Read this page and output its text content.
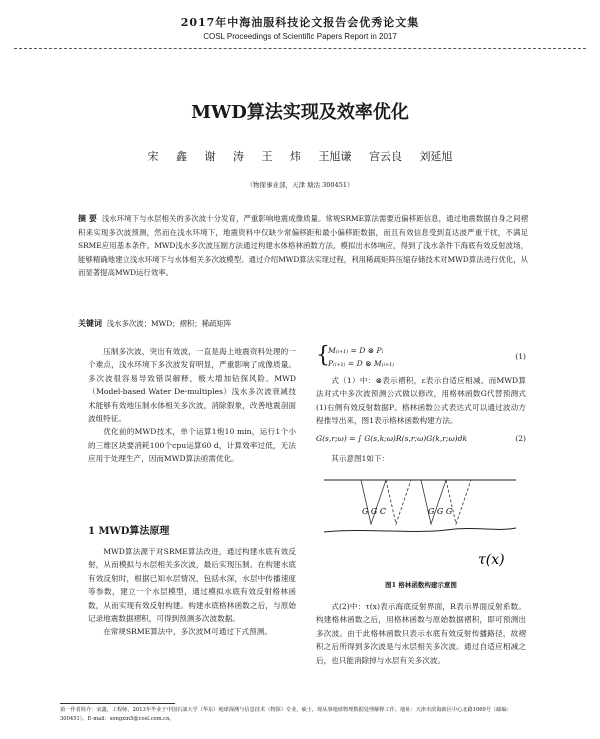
2017年中海油服科技论文报告会优秀论文集
COSL Proceedings of Scientific Papers Report in 2017
MWD算法实现及效率优化
宋 鑫 谢 涛 王 炜 王旭谦 宫云良 刘延旭
（物探事业部，天津 塘沽 300451）
摘 要 浅水环境下与水层相关的多次波十分发育，严重影响地震成像质量。常规SRME算法需要近偏移距信息，通过地震数据自身之间褶积来实现多次波预测，然而在浅水环境下，地震资料中仅缺少常偏移距和最小偏移距数据，而且有效信息受到直达波严重干扰，不满足SRME应用基本条件。MWD浅水多次波压制方法通过构建水体格林函数方法，模拟出水体响应，得到了浅水条件下海底有效反射波场，能够精确地建立浅水环境下与水体相关多次波模型。通过介绍MWD算法实现过程，利用稀疏矩阵压缩存储技术对MWD算法进行优化，从而显著提高MWD运行效率。
关键词 浅水多次波；MWD；褶积；稀疏矩阵

压制多次波，突出有效波，一直是海上地震资料处理的一个难点，浅水环境下多次波发育明显，严重影响了成像质量。多次波很容易导致错误解释，极大增加钻探风险。MWD（Model-based Water De-multiples）浅水多次波衰减技术能够有效地压制水体相关多次波，消除假象，改善地震剖面波组特征。

优化前的MWD技术，单个运算1炮10 min，运行1个小的三维区块要消耗100个cpu运算60 d，计算效率过低，无法应用于处理生产，因而MWD算法亟需优化。

1 MWD算法原理

MWD算法源于对SRME算法改进，通过构建水底有效反射，从而模拟与水层相关多次波，最后实现压制。在构建水底有效反射时，根据已知水层情况，包括水深，水层中传播速度等参数，建立一个水层模型，通过模拟水底有效反射格林函数，从而实现有效反射构建。构建水底格林函数之后，与原始记录地震数据褶积，可得到预测多次波数据。

在常规SRME算法中，多次波M可通过下式预测。

{
M₍ᵢ₊₁₎ = D ⊗ Pᵢ
P₍ᵢ₊₁₎ = D ⊗ M₍ᵢ₊₁₎
(1)

式（1）中：⊗表示褶积，ε表示自适应相减。而MWD算法对式中多次波预测公式做以修改，用格林函数G代替预测式(1)右侧有效反射数据P。格林函数公式表达式可以通过波动方程推导出来，图1表示格林函数构建方法。

G(s,r;ω) = ∫ G(s,k;ω)R(s,r;ω)G(k,r;ω)dk	(2)

其示意图1如下：

G G C	G G G
τ(x)
图1 格林函数构建示意图

式(2)中：τ(x)表示海底反射界面，R表示界面反射系数。构建格林函数之后，用格林函数与原始数据褶积，即可预测出多次波。由于此格林函数只表示水底有效反射传播路径，故褶积之后所得到多次波是与水层相关多次波。通过自适应相减之后，也只能消除掉与水层有关多次波。

第一作者简介：宋鑫，工程师，2013年毕业于中国石油大学（华东）地球探测与信息技术（物探）专业，硕士，现从事地球物理数据处理解释工作。地址：天津市滨海新区中心北路1069号（邮编：300451）。E-mail：songxin5@cosl.com.cn。
